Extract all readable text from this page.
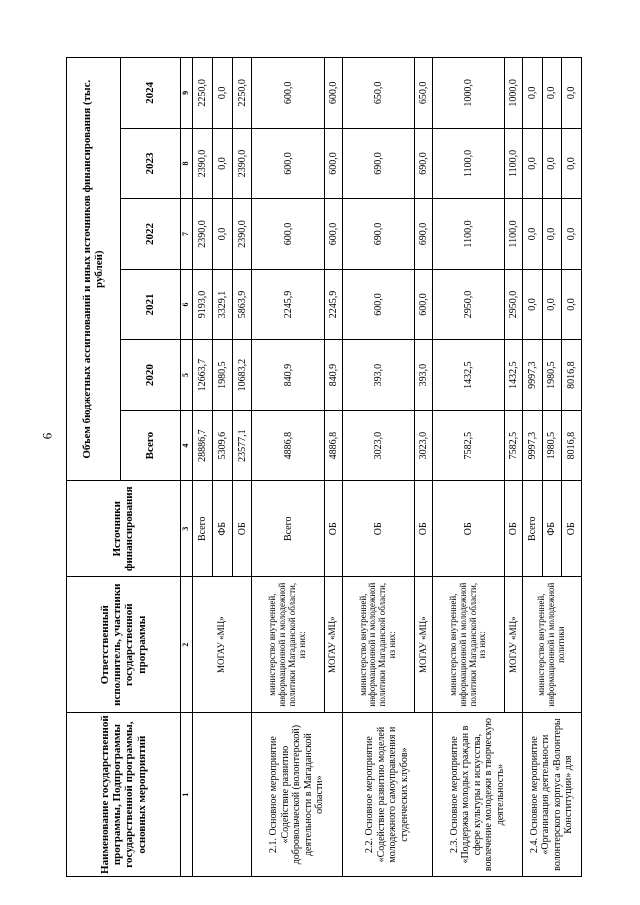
6
Наименование государственной программы, Подпрограммы государственной программы, основных мероприятий	Ответственный исполнитель, участники государственной программы	Источники финансирования	Объем бюджетных ассигнований и иных источников финансирования (тыс. рублей)					
			Всего	2020	2021	2022	2023	2024
1	2	3	4	5	6	7	8	9
	МОГАУ «МЦ»	Всего	28886,7	12663,7	9193,0	2390,0	2390,0	2250,0
		ФБ	5309,6	1980,5	3329,1	0,0	0,0	0,0
		ОБ	23577,1	10683,2	5863,9	2390,0	2390,0	2250,0
2.1. Основное мероприятие «Содействие развитию добровольческой (волонтерской) деятельности в Магаданской области»	министерство внутренней, информационной и молодежной политики Магаданской области, из них:	Всего	4886,8	840,9	2245,9	600,0	600,0	600,0
	МОГАУ «МЦ»	ОБ	4886,8	840,9	2245,9	600,0	600,0	600,0
2.2. Основное мероприятие «Содействие развитию моделей молодежного самоуправления и студенческих клубов»	министерство внутренней, информационной и молодежной политики Магаданской области, из них:	ОБ	3023,0	393,0	600,0	690,0	690,0	650,0
	МОГАУ «МЦ»	ОБ	3023,0	393,0	600,0	690,0	690,0	650,0
2.3. Основное мероприятие «Поддержка молодых граждан в сфере культуры и искусства, вовлечение молодежи в творческую деятельность»	министерство внутренней, информационной и молодежной политики Магаданской области, из них:	ОБ	7582,5	1432,5	2950,0	1100,0	1100,0	1000,0
	МОГАУ «МЦ»	ОБ	7582,5	1432,5	2950,0	1100,0	1100,0	1000,0
2.4. Основное мероприятие «Организация деятельности волонтерского корпуса «Волонтеры Конституции» для	министерство внутренней, информационной и молодежной политики	Всего	9997,3	9997,3	0,0	0,0	0,0	0,0
		ФБ	1980,5	1980,5	0,0	0,0	0,0	0,0
		ОБ	8016,8	8016,8	0,0	0,0	0,0	0,0
